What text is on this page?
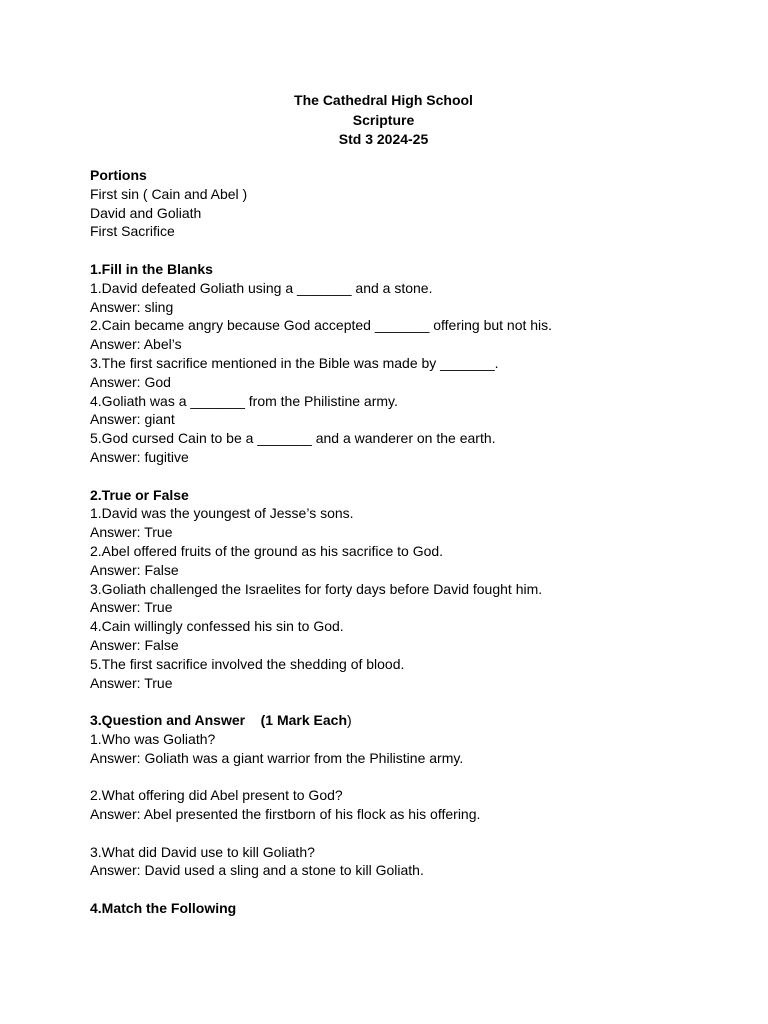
The Cathedral High School
Scripture
Std 3 2024-25
Portions
First sin ( Cain and Abel )
David and Goliath
First Sacrifice
1.Fill in the Blanks
1.David defeated Goliath using a _______ and a stone.
Answer: sling
2.Cain became angry because God accepted _______ offering but not his.
Answer: Abel’s
3.The first sacrifice mentioned in the Bible was made by _______.
Answer: God
4.Goliath was a _______ from the Philistine army.
Answer: giant
5.God cursed Cain to be a _______ and a wanderer on the earth.
Answer: fugitive
2.True or False
1.David was the youngest of Jesse’s sons.
Answer: True
2.Abel offered fruits of the ground as his sacrifice to God.
Answer: False
3.Goliath challenged the Israelites for forty days before David fought him.
Answer: True
4.Cain willingly confessed his sin to God.
Answer: False
5.The first sacrifice involved the shedding of blood.
Answer: True
3.Question and Answer    (1 Mark Each)
1.Who was Goliath?
Answer: Goliath was a giant warrior from the Philistine army.
2.What offering did Abel present to God?
Answer: Abel presented the firstborn of his flock as his offering.
3.What did David use to kill Goliath?
Answer: David used a sling and a stone to kill Goliath.
4.Match the Following
